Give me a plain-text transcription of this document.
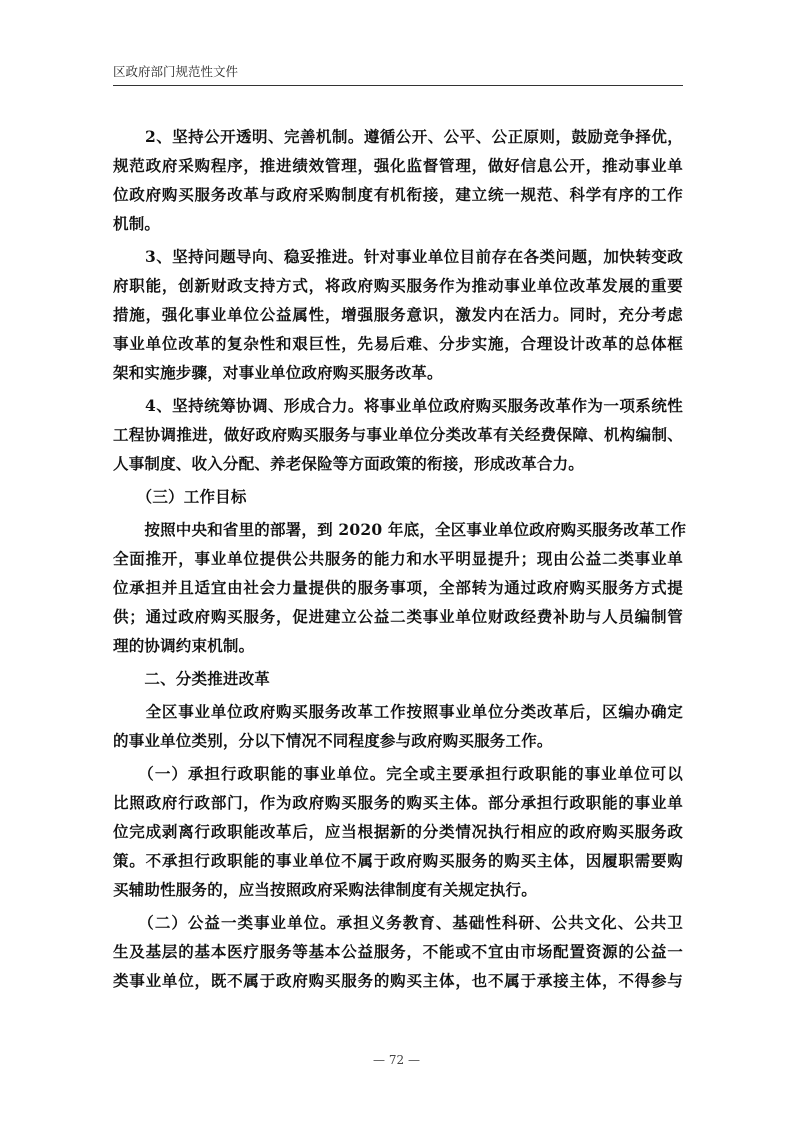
区政府部门规范性文件
　　2、坚持公开透明、完善机制。遵循公开、公平、公正原则，鼓励竞争择优，
规范政府采购程序，推进绩效管理，强化监督管理，做好信息公开，推动事业单
位政府购买服务改革与政府采购制度有机衔接，建立统一规范、科学有序的工作
机制。
　　3、坚持问题导向、稳妥推进。针对事业单位目前存在各类问题，加快转变政
府职能，创新财政支持方式，将政府购买服务作为推动事业单位改革发展的重要
措施，强化事业单位公益属性，增强服务意识，激发内在活力。同时，充分考虑
事业单位改革的复杂性和艰巨性，先易后难、分步实施，合理设计改革的总体框
架和实施步骤，对事业单位政府购买服务改革。
　　4、坚持统筹协调、形成合力。将事业单位政府购买服务改革作为一项系统性
工程协调推进，做好政府购买服务与事业单位分类改革有关经费保障、机构编制、
人事制度、收入分配、养老保险等方面政策的衔接，形成改革合力。
　　（三）工作目标
　　按照中央和省里的部署，到 2020 年底，全区事业单位政府购买服务改革工作
全面推开，事业单位提供公共服务的能力和水平明显提升；现由公益二类事业单
位承担并且适宜由社会力量提供的服务事项，全部转为通过政府购买服务方式提
供；通过政府购买服务，促进建立公益二类事业单位财政经费补助与人员编制管
理的协调约束机制。
　　二、分类推进改革
　　全区事业单位政府购买服务改革工作按照事业单位分类改革后，区编办确定
的事业单位类别，分以下情况不同程度参与政府购买服务工作。
　　（一）承担行政职能的事业单位。完全或主要承担行政职能的事业单位可以
比照政府行政部门，作为政府购买服务的购买主体。部分承担行政职能的事业单
位完成剥离行政职能改革后，应当根据新的分类情况执行相应的政府购买服务政
策。不承担行政职能的事业单位不属于政府购买服务的购买主体，因履职需要购
买辅助性服务的，应当按照政府采购法律制度有关规定执行。
　　（二）公益一类事业单位。承担义务教育、基础性科研、公共文化、公共卫
生及基层的基本医疗服务等基本公益服务，不能或不宜由市场配置资源的公益一
类事业单位，既不属于政府购买服务的购买主体，也不属于承接主体，不得参与
— 72 —
